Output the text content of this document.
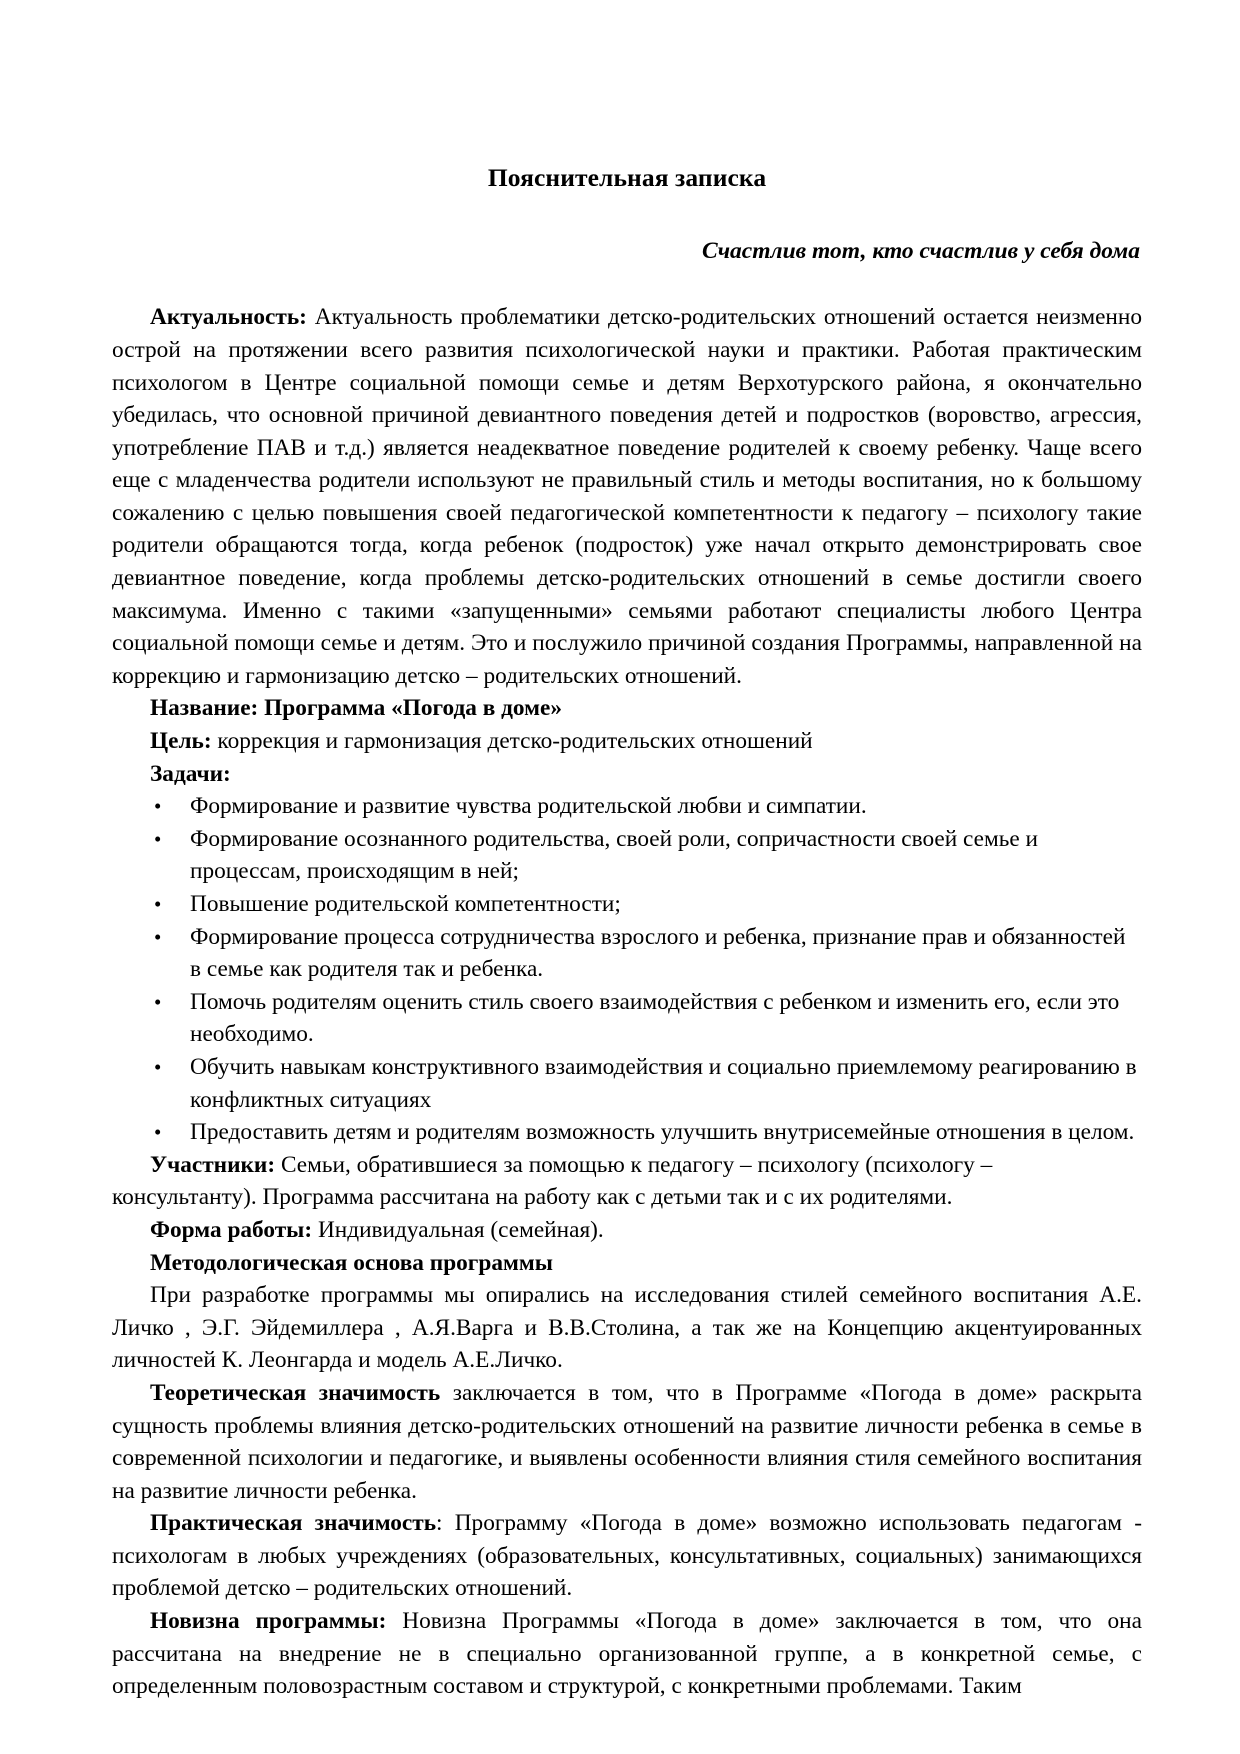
Пояснительная записка
Счастлив тот, кто счастлив у себя дома

Актуальность: Актуальность проблематики детско-родительских отношений остается неизменно острой на протяжении всего развития психологической науки и практики. Работая практическим психологом в Центре социальной помощи семье и детям Верхотурского района, я окончательно убедилась, что основной причиной девиантного поведения детей и подростков (воровство, агрессия, употребление ПАВ и т.д.) является неадекватное поведение родителей к своему ребенку. Чаще всего еще с младенчества родители используют не правильный стиль и методы воспитания, но к большому сожалению с целью повышения своей педагогической компетентности к педагогу – психологу такие родители обращаются тогда, когда ребенок (подросток) уже начал открыто демонстрировать свое девиантное поведение, когда проблемы детско-родительских отношений в семье достигли своего максимума. Именно с такими «запущенными» семьями работают специалисты любого Центра социальной помощи семье и детям. Это и послужило причиной создания Программы, направленной на коррекцию и гармонизацию детско – родительских отношений.

Название: Программа «Погода в доме»

Цель: коррекция и гармонизация детско-родительских отношений

Задачи:

• Формирование и развитие чувства родительской любви и симпатии.
• Формирование осознанного родительства, своей роли, сопричастности своей семье и процессам, происходящим в ней;
• Повышение родительской компетентности;
• Формирование процесса сотрудничества взрослого и ребенка, признание прав и обязанностей в семье как родителя так и ребенка.
• Помочь родителям оценить стиль своего взаимодействия с ребенком и изменить его, если это необходимо.
• Обучить навыкам конструктивного взаимодействия и социально приемлемому реагированию в конфликтных ситуациях
• Предоставить детям и родителям возможность улучшить внутрисемейные отношения в целом.

Участники: Семьи, обратившиеся за помощью к педагогу – психологу (психологу – консультанту). Программа рассчитана на работу как с детьми так и с их родителями.

Форма работы: Индивидуальная (семейная).

Методологическая основа программы

При разработке программы мы опирались на исследования стилей семейного воспитания А.Е. Личко , Э.Г. Эйдемиллера , А.Я.Варга и В.В.Столина, а так же на Концепцию акцентуированных личностей К. Леонгарда и модель А.Е.Личко.

Теоретическая значимость заключается в том, что в Программе «Погода в доме» раскрыта сущность проблемы влияния детско-родительских отношений на развитие личности ребенка в семье в современной психологии и педагогике, и выявлены особенности влияния стиля семейного воспитания на развитие личности ребенка.

Практическая значимость: Программу «Погода в доме» возможно использовать педагогам - психологам в любых учреждениях (образовательных, консультативных, социальных) занимающихся проблемой детско – родительских отношений.

Новизна программы: Новизна Программы «Погода в доме» заключается в том, что она рассчитана на внедрение не в специально организованной группе, а в конкретной семье, с определенным половозрастным составом и структурой, с конкретными проблемами. Таким
